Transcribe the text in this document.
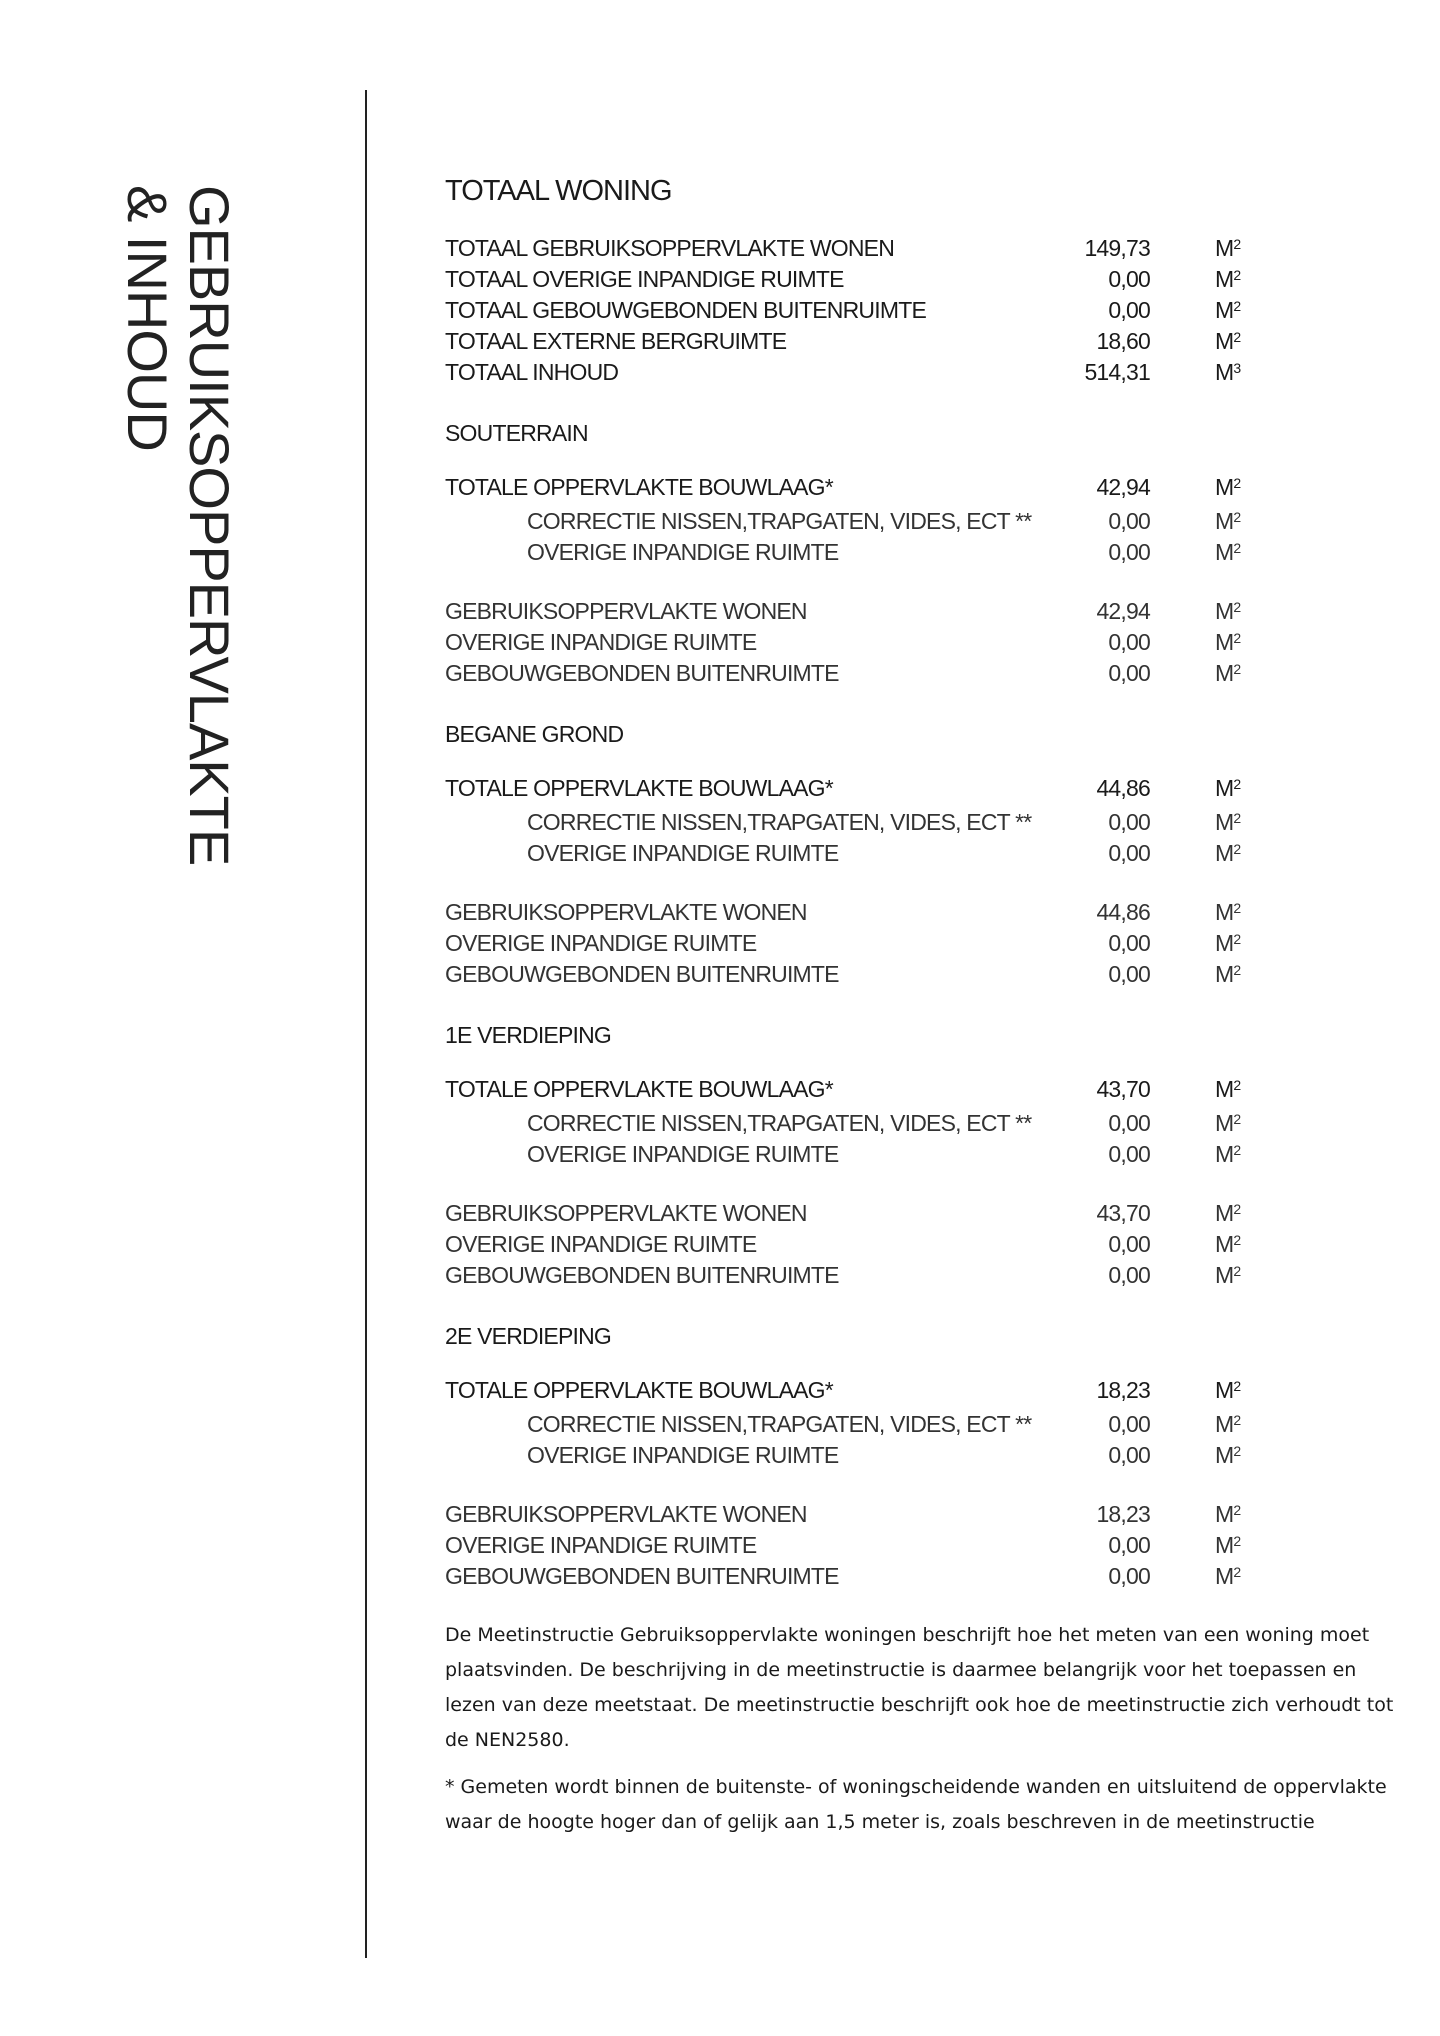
GEBRUIKSOPPERVLAKTE
& INHOUD	TOTAAL WONING
TOTAAL GEBRUIKSOPPERVLAKTE WONEN	149,73	$M^2$
TOTAAL OVERIGE INPANDIGE RUIMTE	0,00	$M^2$
TOTAAL GEBOUWGEBONDEN BUITENRUIMTE	0,00	$M^2$
TOTAAL EXTERNE BERGRUIMTE	18,60	$M^2$
TOTAAL INHOUD	514,31	$M^3$
SOUTERRAIN
TOTALE OPPERVLAKTE BOUWLAAG*	42,94	$M^2$
CORRECTIE NISSEN,TRAPGATEN, VIDES, ECT **	0,00	$M^2$
OVERIGE INPANDIGE RUIMTE	0,00	$M^2$
GEBRUIKSOPPERVLAKTE WONEN	42,94	$M^2$
OVERIGE INPANDIGE RUIMTE	0,00	$M^2$
GEBOUWGEBONDEN BUITENRUIMTE	0,00	$M^2$
BEGANE GROND
TOTALE OPPERVLAKTE BOUWLAAG*	44,86	$M^2$
CORRECTIE NISSEN,TRAPGATEN, VIDES, ECT **	0,00	$M^2$
OVERIGE INPANDIGE RUIMTE	0,00	$M^2$
GEBRUIKSOPPERVLAKTE WONEN	44,86	$M^2$
OVERIGE INPANDIGE RUIMTE	0,00	$M^2$
GEBOUWGEBONDEN BUITENRUIMTE	0,00	$M^2$
1E VERDIEPING
TOTALE OPPERVLAKTE BOUWLAAG*	43,70	$M^2$
CORRECTIE NISSEN,TRAPGATEN, VIDES, ECT **	0,00	$M^2$
OVERIGE INPANDIGE RUIMTE	0,00	$M^2$
GEBRUIKSOPPERVLAKTE WONEN	43,70	$M^2$
OVERIGE INPANDIGE RUIMTE	0,00	$M^2$
GEBOUWGEBONDEN BUITENRUIMTE	0,00	$M^2$
2E VERDIEPING
TOTALE OPPERVLAKTE BOUWLAAG*	18,23	$M^2$
CORRECTIE NISSEN,TRAPGATEN, VIDES, ECT **	0,00	$M^2$
OVERIGE INPANDIGE RUIMTE	0,00	$M^2$
GEBRUIKSOPPERVLAKTE WONEN	18,23	$M^2$
OVERIGE INPANDIGE RUIMTE	0,00	$M^2$
GEBOUWGEBONDEN BUITENRUIMTE	0,00	$M^2$
De Meetinstructie Gebruiksoppervlakte woningen beschrijft hoe het meten van een woning moet plaatsvinden. De beschrijving in de meetinstructie is daarmee belangrijk voor het toepassen en lezen van deze meetstaat. De meetinstructie beschrijft ook hoe de meetinstructie zich verhoudt tot de NEN2580.
* Gemeten wordt binnen de buitenste- of woningscheidende wanden en uitsluitend de oppervlakte waar de hoogte hoger dan of gelijk aan 1,5 meter is, zoals beschreven in de meetinstructie
